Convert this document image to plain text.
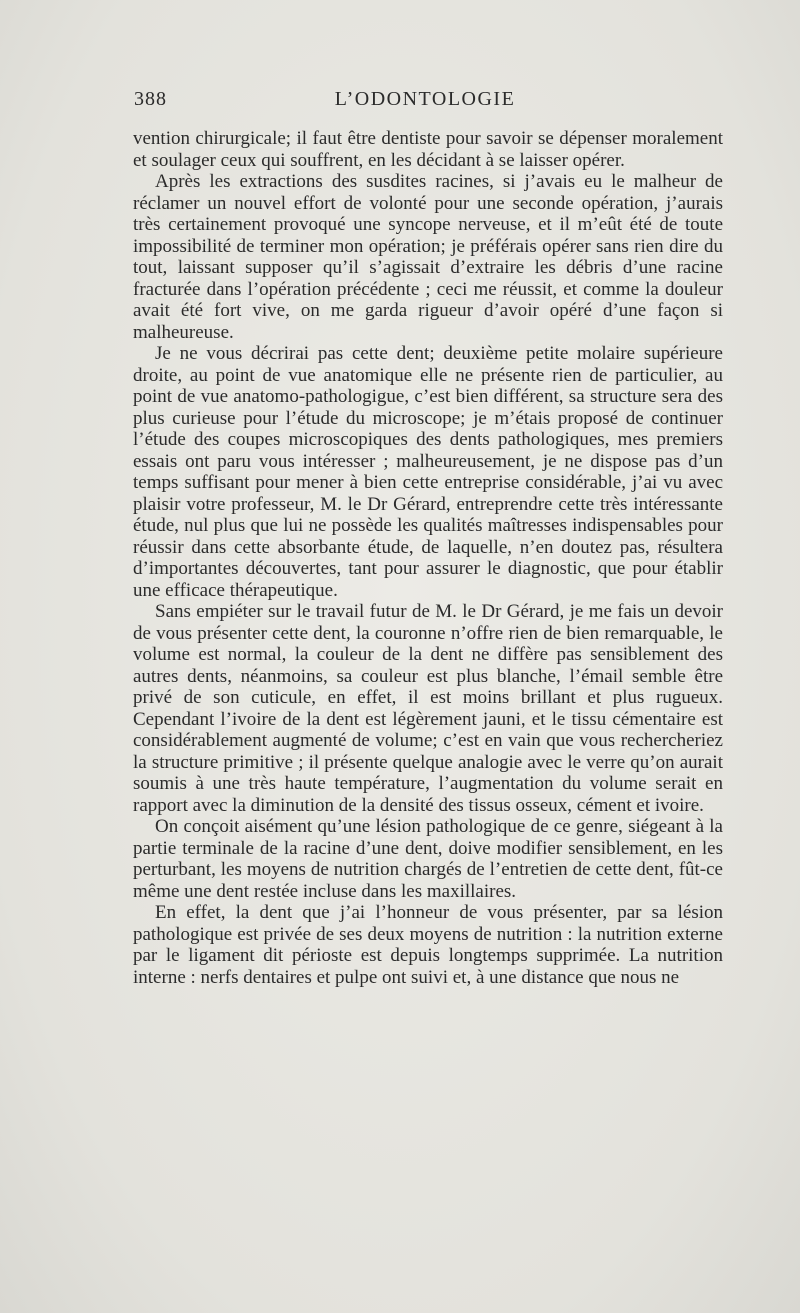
388	L’ODONTOLOGIE

vention chirurgicale; il faut être dentiste pour savoir se dépenser moralement et soulager ceux qui souffrent, en les décidant à se laisser opérer.

Après les extractions des susdites racines, si j’avais eu le malheur de réclamer un nouvel effort de volonté pour une seconde opération, j’aurais très certainement provoqué une syncope nerveuse, et il m’eût été de toute impossibilité de terminer mon opération; je préférais opérer sans rien dire du tout, laissant supposer qu’il s’agissait d’extraire les débris d’une racine fracturée dans l’opération précédente ; ceci me réussit, et comme la douleur avait été fort vive, on me garda rigueur d’avoir opéré d’une façon si malheureuse.

Je ne vous décrirai pas cette dent; deuxième petite molaire supérieure droite, au point de vue anatomique elle ne présente rien de particulier, au point de vue anatomo-pathologigue, c’est bien différent, sa structure sera des plus curieuse pour l’étude du microscope; je m’étais proposé de continuer l’étude des coupes microscopiques des dents pathologiques, mes premiers essais ont paru vous intéresser ; malheureusement, je ne dispose pas d’un temps suffisant pour mener à bien cette entreprise considérable, j’ai vu avec plaisir votre professeur, M. le Dr Gérard, entreprendre cette très intéressante étude, nul plus que lui ne possède les qualités maîtresses indispensables pour réussir dans cette absorbante étude, de laquelle, n’en doutez pas, résultera d’importantes découvertes, tant pour assurer le diagnostic, que pour établir une efficace thérapeutique.

Sans empiéter sur le travail futur de M. le Dr Gérard, je me fais un devoir de vous présenter cette dent, la couronne n’offre rien de bien remarquable, le volume est normal, la couleur de la dent ne diffère pas sensiblement des autres dents, néanmoins, sa couleur est plus blanche, l’émail semble être privé de son cuticule, en effet, il est moins brillant et plus rugueux. Cependant l’ivoire de la dent est légèrement jauni, et le tissu cémentaire est considérablement augmenté de volume; c’est en vain que vous rechercheriez la structure primitive ; il présente quelque analogie avec le verre qu’on aurait soumis à une très haute température, l’augmentation du volume serait en rapport avec la diminution de la densité des tissus osseux, cément et ivoire.

On conçoit aisément qu’une lésion pathologique de ce genre, siégeant à la partie terminale de la racine d’une dent, doive modifier sensiblement, en les perturbant, les moyens de nutrition chargés de l’entretien de cette dent, fût-ce même une dent restée incluse dans les maxillaires.

En effet, la dent que j’ai l’honneur de vous présenter, par sa lésion pathologique est privée de ses deux moyens de nutrition : la nutrition externe par le ligament dit périoste est depuis longtemps supprimée. La nutrition interne : nerfs dentaires et pulpe ont suivi et, à une distance que nous ne
